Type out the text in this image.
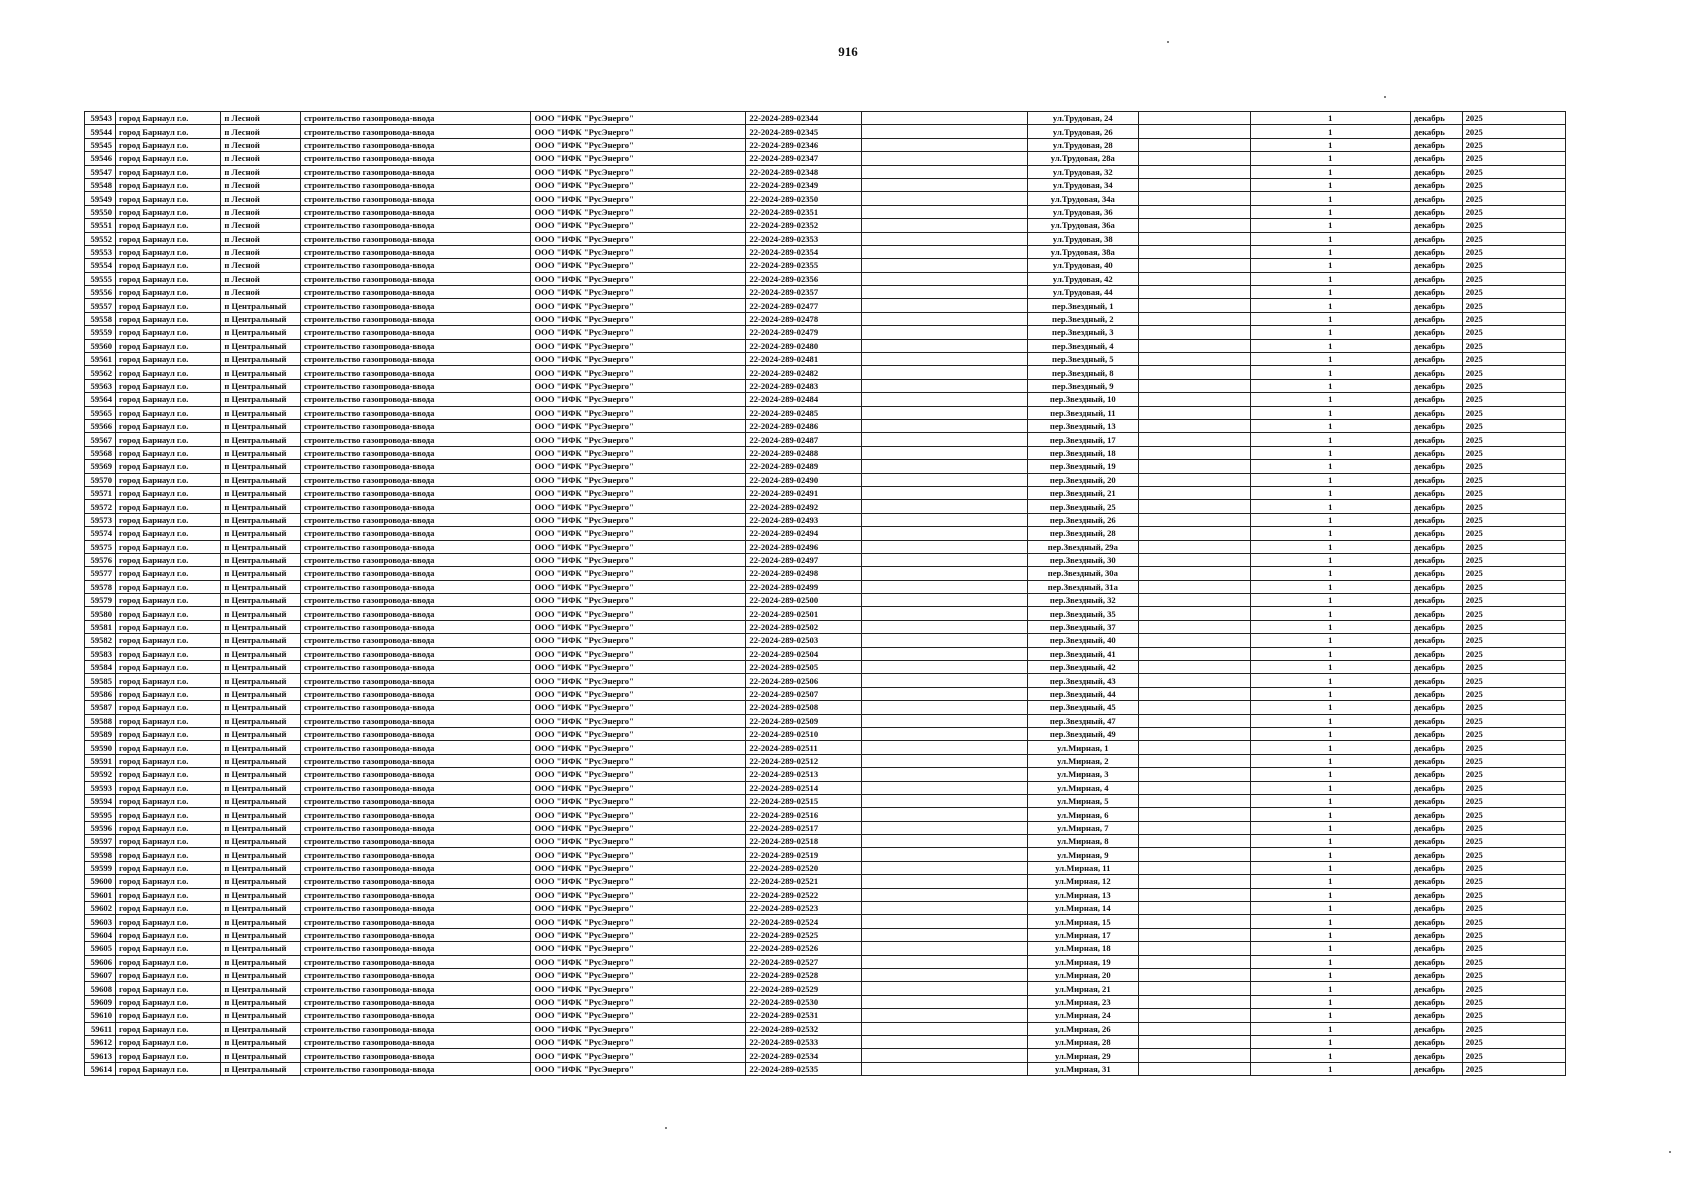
916
59543	город Барнаул г.о.	п Лесной	строительство газопровода-ввода	ООО "ИФК "РусЭнерго"	22-2024-289-02344		ул.Трудовая, 24		1	декабрь	2025
59544	город Барнаул г.о.	п Лесной	строительство газопровода-ввода	ООО "ИФК "РусЭнерго"	22-2024-289-02345		ул.Трудовая, 26		1	декабрь	2025
59545	город Барнаул г.о.	п Лесной	строительство газопровода-ввода	ООО "ИФК "РусЭнерго"	22-2024-289-02346		ул.Трудовая, 28		1	декабрь	2025
59546	город Барнаул г.о.	п Лесной	строительство газопровода-ввода	ООО "ИФК "РусЭнерго"	22-2024-289-02347		ул.Трудовая, 28а		1	декабрь	2025
59547	город Барнаул г.о.	п Лесной	строительство газопровода-ввода	ООО "ИФК "РусЭнерго"	22-2024-289-02348		ул.Трудовая, 32		1	декабрь	2025
59548	город Барнаул г.о.	п Лесной	строительство газопровода-ввода	ООО "ИФК "РусЭнерго"	22-2024-289-02349		ул.Трудовая, 34		1	декабрь	2025
59549	город Барнаул г.о.	п Лесной	строительство газопровода-ввода	ООО "ИФК "РусЭнерго"	22-2024-289-02350		ул.Трудовая, 34а		1	декабрь	2025
59550	город Барнаул г.о.	п Лесной	строительство газопровода-ввода	ООО "ИФК "РусЭнерго"	22-2024-289-02351		ул.Трудовая, 36		1	декабрь	2025
59551	город Барнаул г.о.	п Лесной	строительство газопровода-ввода	ООО "ИФК "РусЭнерго"	22-2024-289-02352		ул.Трудовая, 36а		1	декабрь	2025
59552	город Барнаул г.о.	п Лесной	строительство газопровода-ввода	ООО "ИФК "РусЭнерго"	22-2024-289-02353		ул.Трудовая, 38		1	декабрь	2025
59553	город Барнаул г.о.	п Лесной	строительство газопровода-ввода	ООО "ИФК "РусЭнерго"	22-2024-289-02354		ул.Трудовая, 38а		1	декабрь	2025
59554	город Барнаул г.о.	п Лесной	строительство газопровода-ввода	ООО "ИФК "РусЭнерго"	22-2024-289-02355		ул.Трудовая, 40		1	декабрь	2025
59555	город Барнаул г.о.	п Лесной	строительство газопровода-ввода	ООО "ИФК "РусЭнерго"	22-2024-289-02356		ул.Трудовая, 42		1	декабрь	2025
59556	город Барнаул г.о.	п Лесной	строительство газопровода-ввода	ООО "ИФК "РусЭнерго"	22-2024-289-02357		ул.Трудовая, 44		1	декабрь	2025
59557	город Барнаул г.о.	п Центральный	строительство газопровода-ввода	ООО "ИФК "РусЭнерго"	22-2024-289-02477		пер.Звездный, 1		1	декабрь	2025
59558	город Барнаул г.о.	п Центральный	строительство газопровода-ввода	ООО "ИФК "РусЭнерго"	22-2024-289-02478		пер.Звездный, 2		1	декабрь	2025
59559	город Барнаул г.о.	п Центральный	строительство газопровода-ввода	ООО "ИФК "РусЭнерго"	22-2024-289-02479		пер.Звездный, 3		1	декабрь	2025
59560	город Барнаул г.о.	п Центральный	строительство газопровода-ввода	ООО "ИФК "РусЭнерго"	22-2024-289-02480		пер.Звездный, 4		1	декабрь	2025
59561	город Барнаул г.о.	п Центральный	строительство газопровода-ввода	ООО "ИФК "РусЭнерго"	22-2024-289-02481		пер.Звездный, 5		1	декабрь	2025
59562	город Барнаул г.о.	п Центральный	строительство газопровода-ввода	ООО "ИФК "РусЭнерго"	22-2024-289-02482		пер.Звездный, 8		1	декабрь	2025
59563	город Барнаул г.о.	п Центральный	строительство газопровода-ввода	ООО "ИФК "РусЭнерго"	22-2024-289-02483		пер.Звездный, 9		1	декабрь	2025
59564	город Барнаул г.о.	п Центральный	строительство газопровода-ввода	ООО "ИФК "РусЭнерго"	22-2024-289-02484		пер.Звездный, 10		1	декабрь	2025
59565	город Барнаул г.о.	п Центральный	строительство газопровода-ввода	ООО "ИФК "РусЭнерго"	22-2024-289-02485		пер.Звездный, 11		1	декабрь	2025
59566	город Барнаул г.о.	п Центральный	строительство газопровода-ввода	ООО "ИФК "РусЭнерго"	22-2024-289-02486		пер.Звездный, 13		1	декабрь	2025
59567	город Барнаул г.о.	п Центральный	строительство газопровода-ввода	ООО "ИФК "РусЭнерго"	22-2024-289-02487		пер.Звездный, 17		1	декабрь	2025
59568	город Барнаул г.о.	п Центральный	строительство газопровода-ввода	ООО "ИФК "РусЭнерго"	22-2024-289-02488		пер.Звездный, 18		1	декабрь	2025
59569	город Барнаул г.о.	п Центральный	строительство газопровода-ввода	ООО "ИФК "РусЭнерго"	22-2024-289-02489		пер.Звездный, 19		1	декабрь	2025
59570	город Барнаул г.о.	п Центральный	строительство газопровода-ввода	ООО "ИФК "РусЭнерго"	22-2024-289-02490		пер.Звездный, 20		1	декабрь	2025
59571	город Барнаул г.о.	п Центральный	строительство газопровода-ввода	ООО "ИФК "РусЭнерго"	22-2024-289-02491		пер.Звездный, 21		1	декабрь	2025
59572	город Барнаул г.о.	п Центральный	строительство газопровода-ввода	ООО "ИФК "РусЭнерго"	22-2024-289-02492		пер.Звездный, 25		1	декабрь	2025
59573	город Барнаул г.о.	п Центральный	строительство газопровода-ввода	ООО "ИФК "РусЭнерго"	22-2024-289-02493		пер.Звездный, 26		1	декабрь	2025
59574	город Барнаул г.о.	п Центральный	строительство газопровода-ввода	ООО "ИФК "РусЭнерго"	22-2024-289-02494		пер.Звездный, 28		1	декабрь	2025
59575	город Барнаул г.о.	п Центральный	строительство газопровода-ввода	ООО "ИФК "РусЭнерго"	22-2024-289-02496		пер.Звездный, 29а		1	декабрь	2025
59576	город Барнаул г.о.	п Центральный	строительство газопровода-ввода	ООО "ИФК "РусЭнерго"	22-2024-289-02497		пер.Звездный, 30		1	декабрь	2025
59577	город Барнаул г.о.	п Центральный	строительство газопровода-ввода	ООО "ИФК "РусЭнерго"	22-2024-289-02498		пер.Звездный, 30а		1	декабрь	2025
59578	город Барнаул г.о.	п Центральный	строительство газопровода-ввода	ООО "ИФК "РусЭнерго"	22-2024-289-02499		пер.Звездный, 31а		1	декабрь	2025
59579	город Барнаул г.о.	п Центральный	строительство газопровода-ввода	ООО "ИФК "РусЭнерго"	22-2024-289-02500		пер.Звездный, 32		1	декабрь	2025
59580	город Барнаул г.о.	п Центральный	строительство газопровода-ввода	ООО "ИФК "РусЭнерго"	22-2024-289-02501		пер.Звездный, 35		1	декабрь	2025
59581	город Барнаул г.о.	п Центральный	строительство газопровода-ввода	ООО "ИФК "РусЭнерго"	22-2024-289-02502		пер.Звездный, 37		1	декабрь	2025
59582	город Барнаул г.о.	п Центральный	строительство газопровода-ввода	ООО "ИФК "РусЭнерго"	22-2024-289-02503		пер.Звездный, 40		1	декабрь	2025
59583	город Барнаул г.о.	п Центральный	строительство газопровода-ввода	ООО "ИФК "РусЭнерго"	22-2024-289-02504		пер.Звездный, 41		1	декабрь	2025
59584	город Барнаул г.о.	п Центральный	строительство газопровода-ввода	ООО "ИФК "РусЭнерго"	22-2024-289-02505		пер.Звездный, 42		1	декабрь	2025
59585	город Барнаул г.о.	п Центральный	строительство газопровода-ввода	ООО "ИФК "РусЭнерго"	22-2024-289-02506		пер.Звездный, 43		1	декабрь	2025
59586	город Барнаул г.о.	п Центральный	строительство газопровода-ввода	ООО "ИФК "РусЭнерго"	22-2024-289-02507		пер.Звездный, 44		1	декабрь	2025
59587	город Барнаул г.о.	п Центральный	строительство газопровода-ввода	ООО "ИФК "РусЭнерго"	22-2024-289-02508		пер.Звездный, 45		1	декабрь	2025
59588	город Барнаул г.о.	п Центральный	строительство газопровода-ввода	ООО "ИФК "РусЭнерго"	22-2024-289-02509		пер.Звездный, 47		1	декабрь	2025
59589	город Барнаул г.о.	п Центральный	строительство газопровода-ввода	ООО "ИФК "РусЭнерго"	22-2024-289-02510		пер.Звездный, 49		1	декабрь	2025
59590	город Барнаул г.о.	п Центральный	строительство газопровода-ввода	ООО "ИФК "РусЭнерго"	22-2024-289-02511		ул.Мирная, 1		1	декабрь	2025
59591	город Барнаул г.о.	п Центральный	строительство газопровода-ввода	ООО "ИФК "РусЭнерго"	22-2024-289-02512		ул.Мирная, 2		1	декабрь	2025
59592	город Барнаул г.о.	п Центральный	строительство газопровода-ввода	ООО "ИФК "РусЭнерго"	22-2024-289-02513		ул.Мирная, 3		1	декабрь	2025
59593	город Барнаул г.о.	п Центральный	строительство газопровода-ввода	ООО "ИФК "РусЭнерго"	22-2024-289-02514		ул.Мирная, 4		1	декабрь	2025
59594	город Барнаул г.о.	п Центральный	строительство газопровода-ввода	ООО "ИФК "РусЭнерго"	22-2024-289-02515		ул.Мирная, 5		1	декабрь	2025
59595	город Барнаул г.о.	п Центральный	строительство газопровода-ввода	ООО "ИФК "РусЭнерго"	22-2024-289-02516		ул.Мирная, 6		1	декабрь	2025
59596	город Барнаул г.о.	п Центральный	строительство газопровода-ввода	ООО "ИФК "РусЭнерго"	22-2024-289-02517		ул.Мирная, 7		1	декабрь	2025
59597	город Барнаул г.о.	п Центральный	строительство газопровода-ввода	ООО "ИФК "РусЭнерго"	22-2024-289-02518		ул.Мирная, 8		1	декабрь	2025
59598	город Барнаул г.о.	п Центральный	строительство газопровода-ввода	ООО "ИФК "РусЭнерго"	22-2024-289-02519		ул.Мирная, 9		1	декабрь	2025
59599	город Барнаул г.о.	п Центральный	строительство газопровода-ввода	ООО "ИФК "РусЭнерго"	22-2024-289-02520		ул.Мирная, 11		1	декабрь	2025
59600	город Барнаул г.о.	п Центральный	строительство газопровода-ввода	ООО "ИФК "РусЭнерго"	22-2024-289-02521		ул.Мирная, 12		1	декабрь	2025
59601	город Барнаул г.о.	п Центральный	строительство газопровода-ввода	ООО "ИФК "РусЭнерго"	22-2024-289-02522		ул.Мирная, 13		1	декабрь	2025
59602	город Барнаул г.о.	п Центральный	строительство газопровода-ввода	ООО "ИФК "РусЭнерго"	22-2024-289-02523		ул.Мирная, 14		1	декабрь	2025
59603	город Барнаул г.о.	п Центральный	строительство газопровода-ввода	ООО "ИФК "РусЭнерго"	22-2024-289-02524		ул.Мирная, 15		1	декабрь	2025
59604	город Барнаул г.о.	п Центральный	строительство газопровода-ввода	ООО "ИФК "РусЭнерго"	22-2024-289-02525		ул.Мирная, 17		1	декабрь	2025
59605	город Барнаул г.о.	п Центральный	строительство газопровода-ввода	ООО "ИФК "РусЭнерго"	22-2024-289-02526		ул.Мирная, 18		1	декабрь	2025
59606	город Барнаул г.о.	п Центральный	строительство газопровода-ввода	ООО "ИФК "РусЭнерго"	22-2024-289-02527		ул.Мирная, 19		1	декабрь	2025
59607	город Барнаул г.о.	п Центральный	строительство газопровода-ввода	ООО "ИФК "РусЭнерго"	22-2024-289-02528		ул.Мирная, 20		1	декабрь	2025
59608	город Барнаул г.о.	п Центральный	строительство газопровода-ввода	ООО "ИФК "РусЭнерго"	22-2024-289-02529		ул.Мирная, 21		1	декабрь	2025
59609	город Барнаул г.о.	п Центральный	строительство газопровода-ввода	ООО "ИФК "РусЭнерго"	22-2024-289-02530		ул.Мирная, 23		1	декабрь	2025
59610	город Барнаул г.о.	п Центральный	строительство газопровода-ввода	ООО "ИФК "РусЭнерго"	22-2024-289-02531		ул.Мирная, 24		1	декабрь	2025
59611	город Барнаул г.о.	п Центральный	строительство газопровода-ввода	ООО "ИФК "РусЭнерго"	22-2024-289-02532		ул.Мирная, 26		1	декабрь	2025
59612	город Барнаул г.о.	п Центральный	строительство газопровода-ввода	ООО "ИФК "РусЭнерго"	22-2024-289-02533		ул.Мирная, 28		1	декабрь	2025
59613	город Барнаул г.о.	п Центральный	строительство газопровода-ввода	ООО "ИФК "РусЭнерго"	22-2024-289-02534		ул.Мирная, 29		1	декабрь	2025
59614	город Барнаул г.о.	п Центральный	строительство газопровода-ввода	ООО "ИФК "РусЭнерго"	22-2024-289-02535		ул.Мирная, 31		1	декабрь	2025
